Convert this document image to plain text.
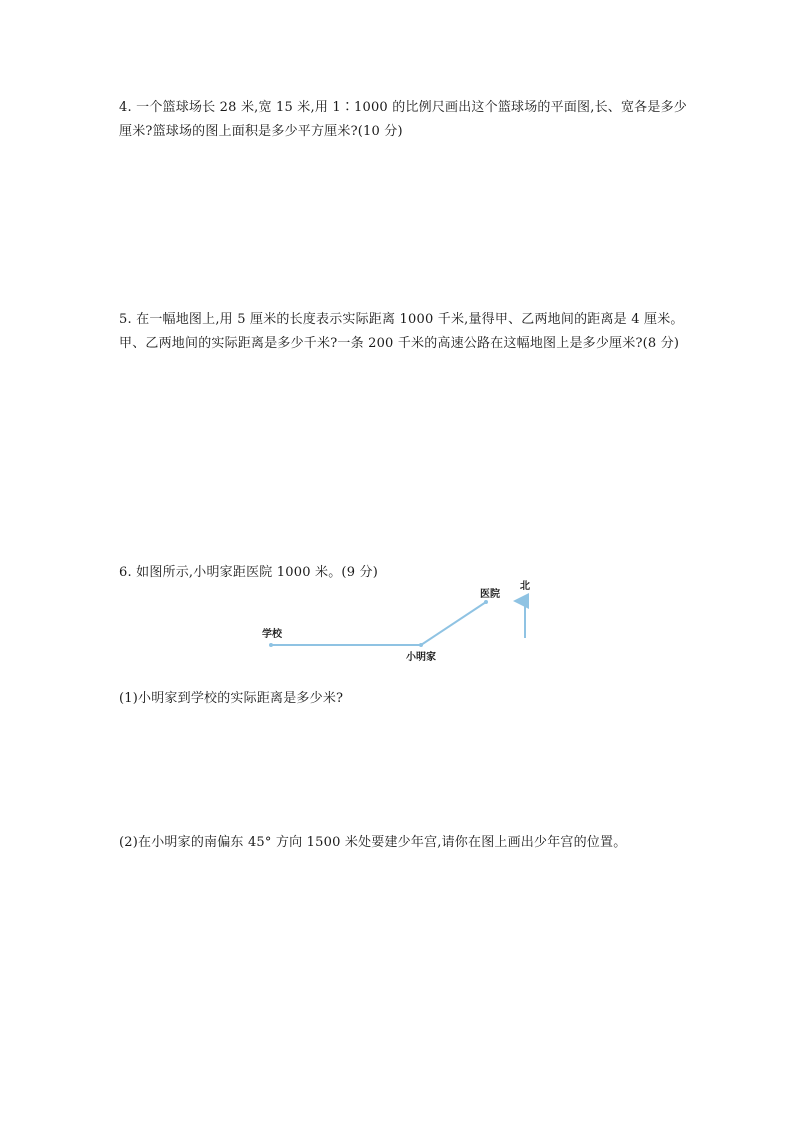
4. 一个篮球场长 28 米,宽 15 米,用 1∶1000 的比例尺画出这个篮球场的平面图,长、宽各是多少厘米?篮球场的图上面积是多少平方厘米?(10 分)

5. 在一幅地图上,用 5 厘米的长度表示实际距离 1000 千米,量得甲、乙两地间的距离是 4 厘米。甲、乙两地间的实际距离是多少千米?一条 200 千米的高速公路在这幅地图上是多少厘米?(8 分)

6. 如图所示,小明家距医院 1000 米。(9 分)

学校
小明家
医院
北

(1)小明家到学校的实际距离是多少米?

(2)在小明家的南偏东 45° 方向 1500 米处要建少年宫,请你在图上画出少年宫的位置。
